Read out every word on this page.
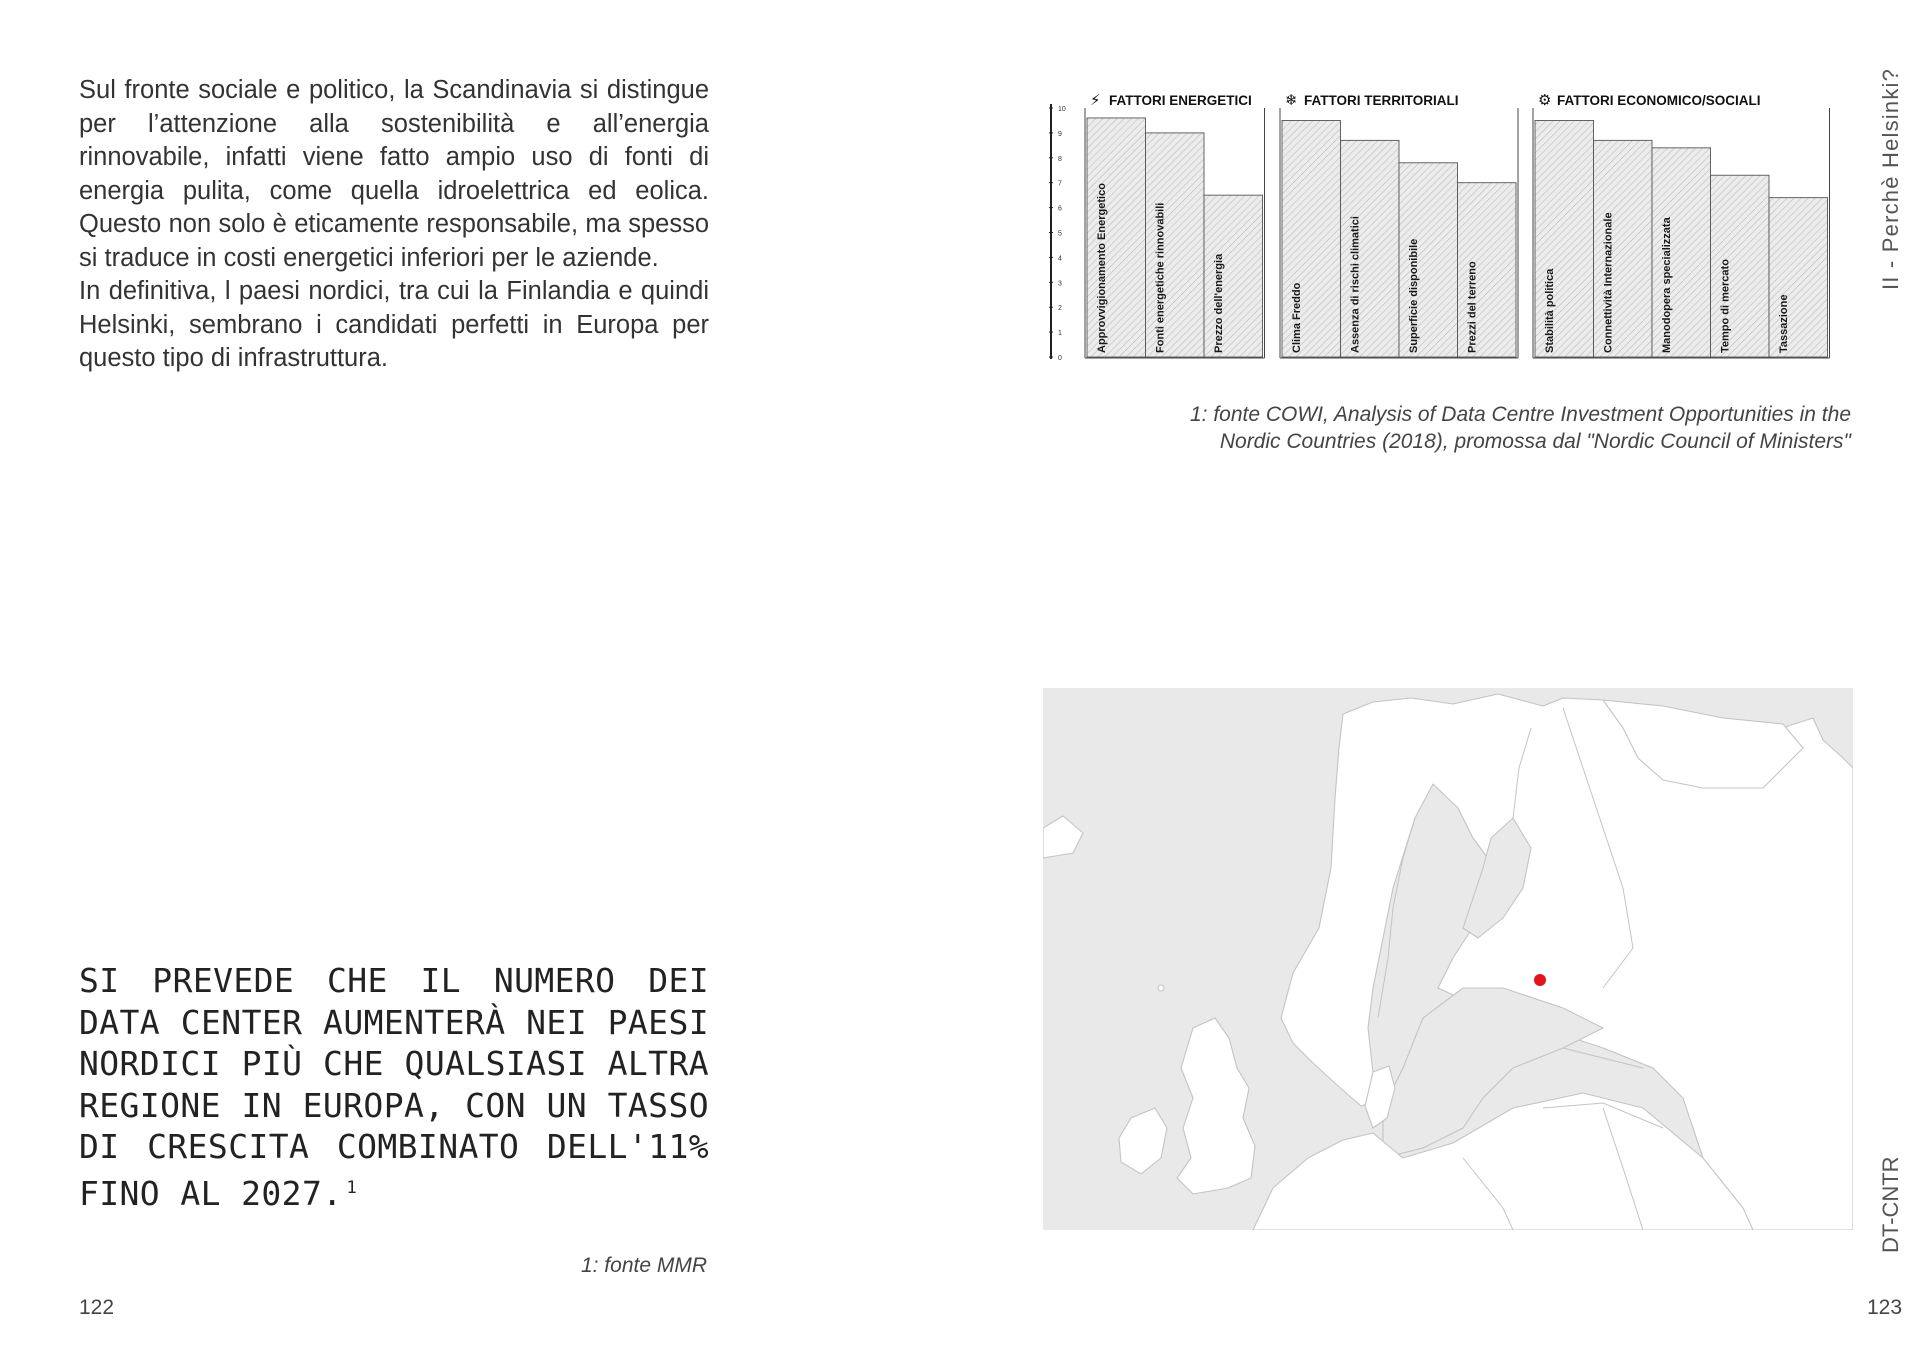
Sul fronte sociale e politico, la Scandinavia si distingue per l’attenzione alla sostenibilità e all’energia rinnovabile, infatti viene fatto ampio uso di fonti di energia pulita, come quella idroelettrica ed eolica. Questo non solo è eticamente responsabile, ma spesso si traduce in costi energetici inferiori per le aziende.

In definitiva, l paesi nordici, tra cui la Finlandia e quindi Helsinki, sembrano i candidati perfetti in Europa per questo tipo di infrastruttura.

SI PREVEDE CHE IL NUMERO DEI DATA CENTER AUMENTERÀ NEI PAESI NORDICI PIÙ CHE QUALSIASI ALTRA REGIONE IN EUROPA, CON UN TASSO DI CRESCITA COMBINATO DELL'11% FINO AL 2027. $^1$
1: fonte MMR
122
0
1
2
3
4
5
6
7
8
9
10
FATTORI ENERGETICI
⚡
Approvvigionamento Energetico	Fonti energetiche rinnovabili	Prezzo dell'energia
FATTORI TERRITORIALI
❄
Clima Freddo	Assenza di rischi climatici	Superficie disponibile	Prezzi del terreno
FATTORI ECONOMICO/SOCIALI
⚙
Stabilità politica	Connettività Internazionale	Manodopera specializzata	Tempo di mercato	Tassazione
1: fonte COWI, Analysis of Data Centre Investment Opportunities in the
Nordic Countries (2018), promossa dal "Nordic Council of Ministers"
II - Perchè Helsinki?
DT-CNTR
123
